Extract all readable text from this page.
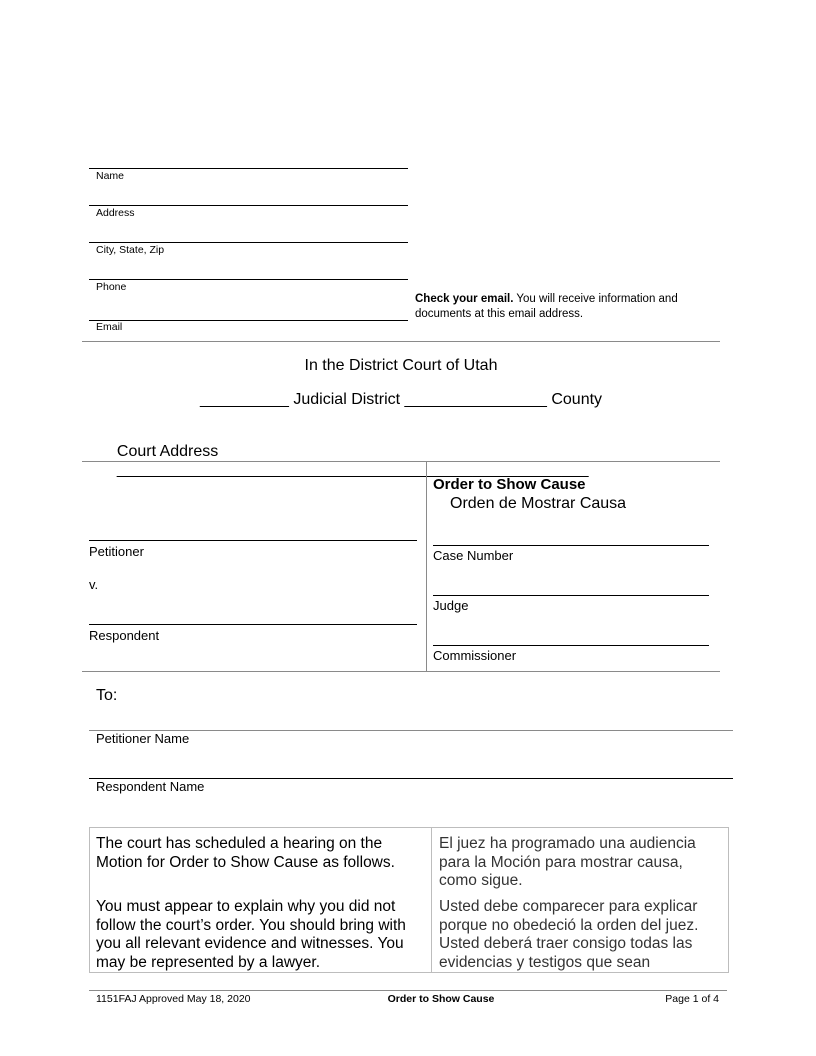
Name
Address
City, State, Zip
Phone
Check your email. You will receive information and
documents at this email address.
Email
In the District Court of Utah
__________ Judicial District ________________ County

Court Address
_____________________________________________________

Petitioner
v.
Respondent
Order to Show Cause
Orden de Mostrar Causa
Case Number
Judge
Commissioner
To:
Petitioner Name
Respondent Name

The court has scheduled a hearing on the Motion for Order to Show Cause as follows.

El juez ha programado una audiencia para la Moción para mostrar causa, como sigue.

You must appear to explain why you did not follow the court’s order. You should bring with you all relevant evidence and witnesses. You may be represented by a lawyer.

Usted debe comparecer para explicar porque no obedeció la orden del juez. Usted deberá traer consigo todas las evidencias y testigos que sean

1151FAJ Approved May 18, 2020	Order to Show Cause	Page 1 of 4
